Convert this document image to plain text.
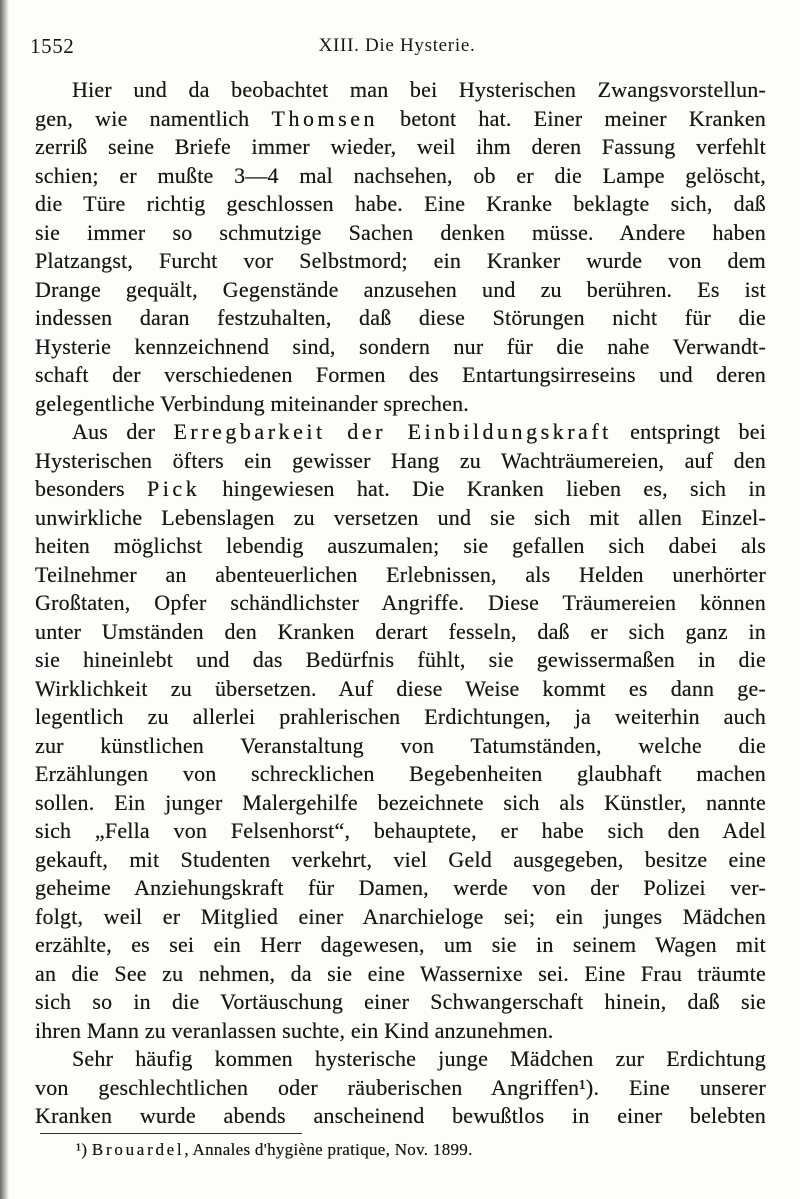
1552	XIII. Die Hysterie.
Hier und da beobachtet man bei Hysterischen Zwangsvorstellun-
gen, wie namentlich Thomsen betont hat. Einer meiner Kranken
zerriß seine Briefe immer wieder, weil ihm deren Fassung verfehlt
schien; er mußte 3—4 mal nachsehen, ob er die Lampe gelöscht,
die Türe richtig geschlossen habe. Eine Kranke beklagte sich, daß
sie immer so schmutzige Sachen denken müsse. Andere haben
Platzangst, Furcht vor Selbstmord; ein Kranker wurde von dem
Drange gequält, Gegenstände anzusehen und zu berühren. Es ist
indessen daran festzuhalten, daß diese Störungen nicht für die
Hysterie kennzeichnend sind, sondern nur für die nahe Verwandt-
schaft der verschiedenen Formen des Entartungsirreseins und deren
gelegentliche Verbindung miteinander sprechen.
Aus der Erregbarkeit der Einbildungskraft entspringt bei
Hysterischen öfters ein gewisser Hang zu Wachträumereien, auf den
besonders Pick hingewiesen hat. Die Kranken lieben es, sich in
unwirkliche Lebenslagen zu versetzen und sie sich mit allen Einzel-
heiten möglichst lebendig auszumalen; sie gefallen sich dabei als
Teilnehmer an abenteuerlichen Erlebnissen, als Helden unerhörter
Großtaten, Opfer schändlichster Angriffe. Diese Träumereien können
unter Umständen den Kranken derart fesseln, daß er sich ganz in
sie hineinlebt und das Bedürfnis fühlt, sie gewissermaßen in die
Wirklichkeit zu übersetzen. Auf diese Weise kommt es dann ge-
legentlich zu allerlei prahlerischen Erdichtungen, ja weiterhin auch
zur künstlichen Veranstaltung von Tatumständen, welche die
Erzählungen von schrecklichen Begebenheiten glaubhaft machen
sollen. Ein junger Malergehilfe bezeichnete sich als Künstler, nannte
sich „Fella von Felsenhorst“, behauptete, er habe sich den Adel
gekauft, mit Studenten verkehrt, viel Geld ausgegeben, besitze eine
geheime Anziehungskraft für Damen, werde von der Polizei ver-
folgt, weil er Mitglied einer Anarchieloge sei; ein junges Mädchen
erzählte, es sei ein Herr dagewesen, um sie in seinem Wagen mit
an die See zu nehmen, da sie eine Wassernixe sei. Eine Frau träumte
sich so in die Vortäuschung einer Schwangerschaft hinein, daß sie
ihren Mann zu veranlassen suchte, ein Kind anzunehmen.
Sehr häufig kommen hysterische junge Mädchen zur Erdichtung
von geschlechtlichen oder räuberischen Angriffen¹). Eine unserer
Kranken wurde abends anscheinend bewußtlos in einer belebten
¹) Brouardel, Annales d'hygiène pratique, Nov. 1899.
